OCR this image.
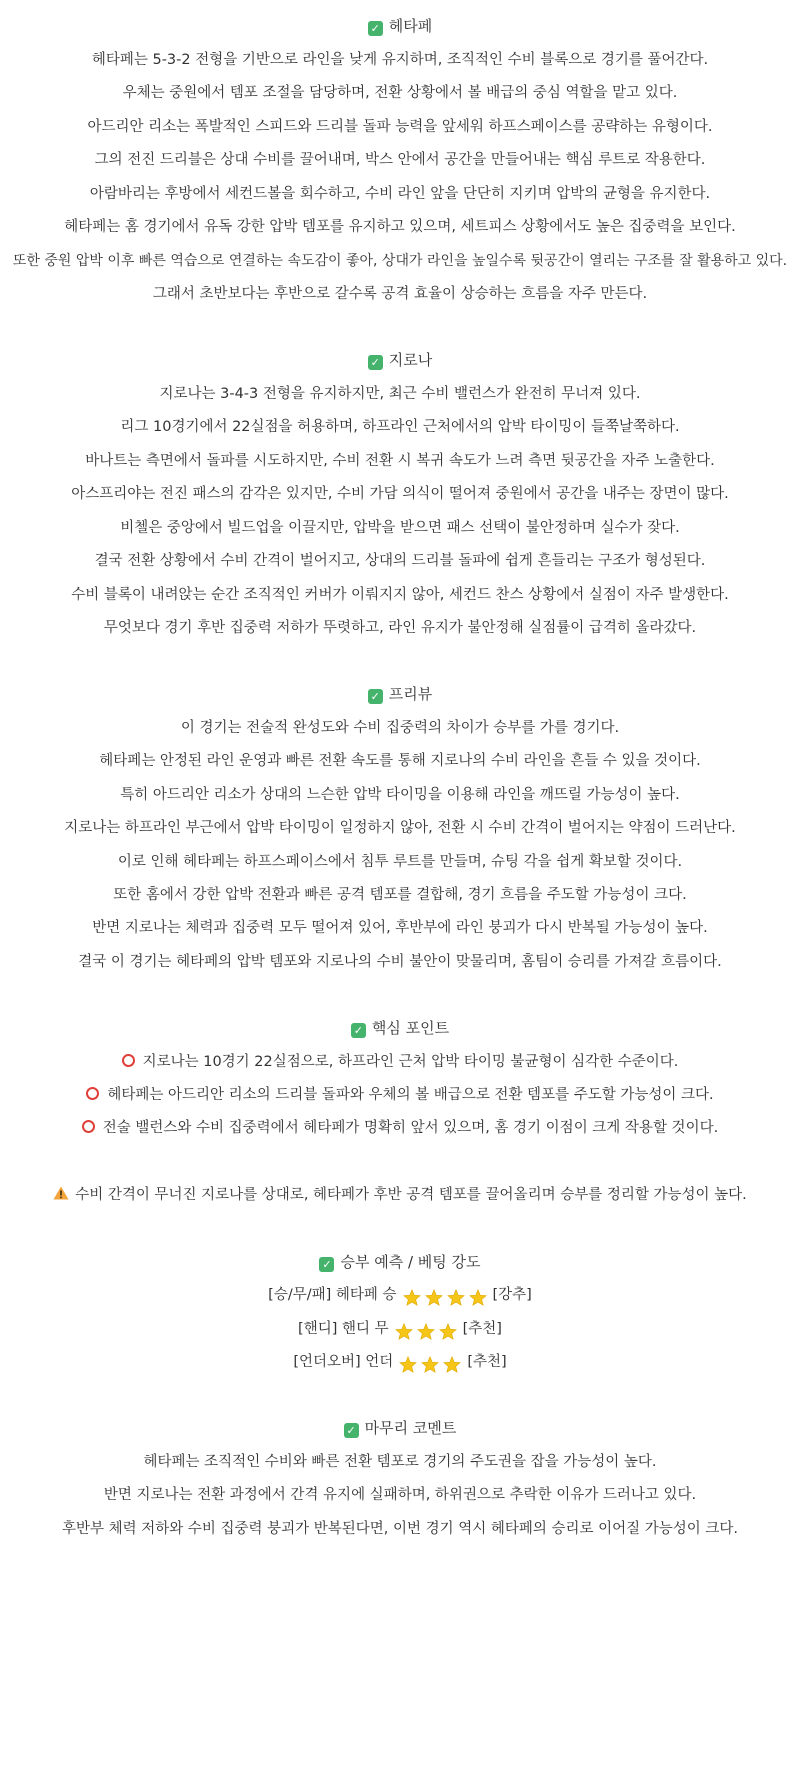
✓ 헤타페
헤타페는 5-3-2 전형을 기반으로 라인을 낮게 유지하며, 조직적인 수비 블록으로 경기를 풀어간다.
우체는 중원에서 템포 조절을 담당하며, 전환 상황에서 볼 배급의 중심 역할을 맡고 있다.
아드리안 리소는 폭발적인 스피드와 드리블 돌파 능력을 앞세워 하프스페이스를 공략하는 유형이다.
그의 전진 드리블은 상대 수비를 끌어내며, 박스 안에서 공간을 만들어내는 핵심 루트로 작용한다.
아람바리는 후방에서 세컨드볼을 회수하고, 수비 라인 앞을 단단히 지키며 압박의 균형을 유지한다.
헤타페는 홈 경기에서 유독 강한 압박 템포를 유지하고 있으며, 세트피스 상황에서도 높은 집중력을 보인다.
또한 중원 압박 이후 빠른 역습으로 연결하는 속도감이 좋아, 상대가 라인을 높일수록 뒷공간이 열리는 구조를 잘 활용하고 있다.
그래서 초반보다는 후반으로 갈수록 공격 효율이 상승하는 흐름을 자주 만든다.
✓ 지로나
지로나는 3-4-3 전형을 유지하지만, 최근 수비 밸런스가 완전히 무너져 있다.
리그 10경기에서 22실점을 허용하며, 하프라인 근처에서의 압박 타이밍이 들쭉날쭉하다.
바나트는 측면에서 돌파를 시도하지만, 수비 전환 시 복귀 속도가 느려 측면 뒷공간을 자주 노출한다.
아스프리야는 전진 패스의 감각은 있지만, 수비 가담 의식이 떨어져 중원에서 공간을 내주는 장면이 많다.
비첼은 중앙에서 빌드업을 이끌지만, 압박을 받으면 패스 선택이 불안정하며 실수가 잦다.
결국 전환 상황에서 수비 간격이 벌어지고, 상대의 드리블 돌파에 쉽게 흔들리는 구조가 형성된다.
수비 블록이 내려앉는 순간 조직적인 커버가 이뤄지지 않아, 세컨드 찬스 상황에서 실점이 자주 발생한다.
무엇보다 경기 후반 집중력 저하가 뚜렷하고, 라인 유지가 불안정해 실점률이 급격히 올라갔다.
✓ 프리뷰
이 경기는 전술적 완성도와 수비 집중력의 차이가 승부를 가를 경기다.
헤타페는 안정된 라인 운영과 빠른 전환 속도를 통해 지로나의 수비 라인을 흔들 수 있을 것이다.
특히 아드리안 리소가 상대의 느슨한 압박 타이밍을 이용해 라인을 깨뜨릴 가능성이 높다.
지로나는 하프라인 부근에서 압박 타이밍이 일정하지 않아, 전환 시 수비 간격이 벌어지는 약점이 드러난다.
이로 인해 헤타페는 하프스페이스에서 침투 루트를 만들며, 슈팅 각을 쉽게 확보할 것이다.
또한 홈에서 강한 압박 전환과 빠른 공격 템포를 결합해, 경기 흐름을 주도할 가능성이 크다.
반면 지로나는 체력과 집중력 모두 떨어져 있어, 후반부에 라인 붕괴가 다시 반복될 가능성이 높다.
결국 이 경기는 헤타페의 압박 템포와 지로나의 수비 불안이 맞물리며, 홈팀이 승리를 가져갈 흐름이다.
✓ 핵심 포인트
지로나는 10경기 22실점으로, 하프라인 근처 압박 타이밍 불균형이 심각한 수준이다.
헤타페는 아드리안 리소의 드리블 돌파와 우체의 볼 배급으로 전환 템포를 주도할 가능성이 크다.
전술 밸런스와 수비 집중력에서 헤타페가 명확히 앞서 있으며, 홈 경기 이점이 크게 작용할 것이다.
수비 간격이 무너진 지로나를 상대로, 헤타페가 후반 공격 템포를 끌어올리며 승부를 정리할 가능성이 높다.
✓ 승부 예측 / 베팅 강도
[승/무/패] 헤타페 승	[강추]
[핸디] 핸디 무	[추천]
[언더오버] 언더	[추천]
✓ 마무리 코멘트
헤타페는 조직적인 수비와 빠른 전환 템포로 경기의 주도권을 잡을 가능성이 높다.
반면 지로나는 전환 과정에서 간격 유지에 실패하며, 하위권으로 추락한 이유가 드러나고 있다.
후반부 체력 저하와 수비 집중력 붕괴가 반복된다면, 이번 경기 역시 헤타페의 승리로 이어질 가능성이 크다.
